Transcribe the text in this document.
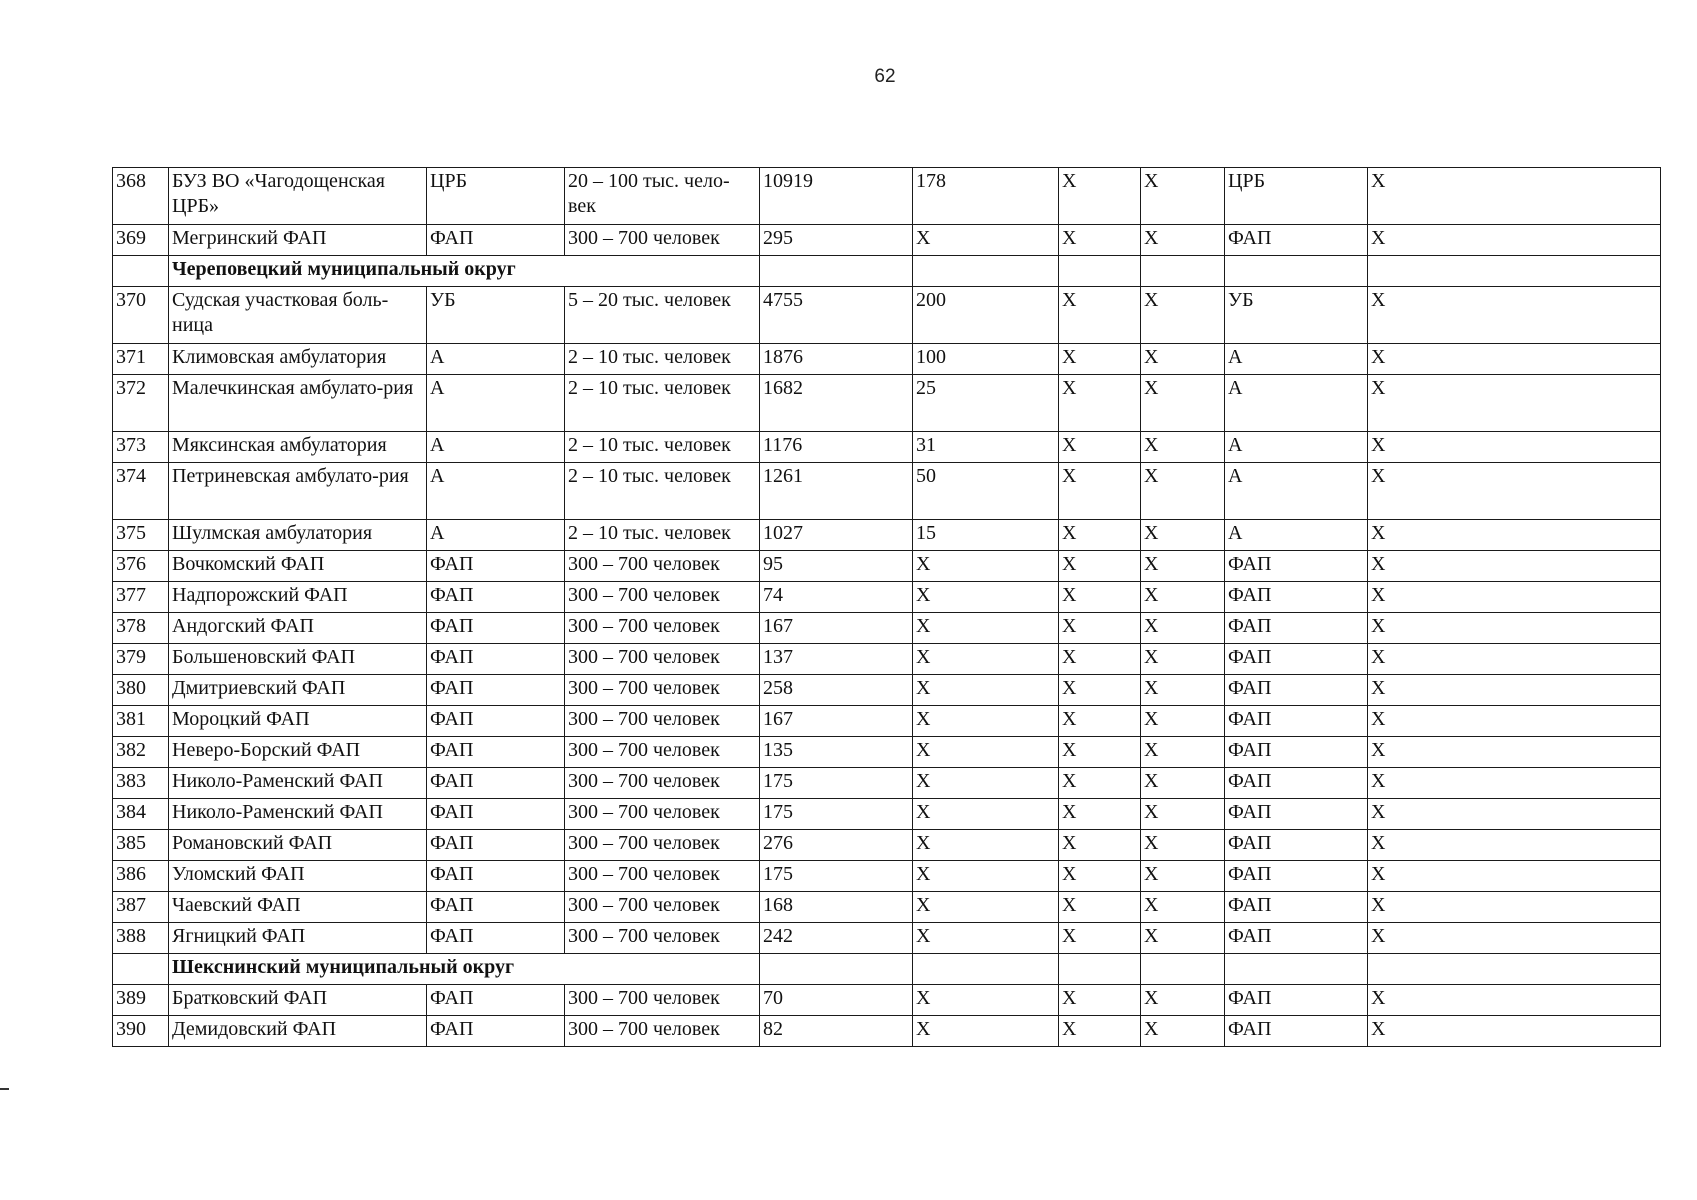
62
368	БУЗ ВО «Чагодощенская ЦРБ»	ЦРБ	20 – 100 тыс. чело-век	10919	178	Х	Х	ЦРБ	Х
369	Мегринский ФАП	ФАП	300 – 700 человек	295	Х	Х	Х	ФАП	Х
	Череповецкий муниципальный округ								
370	Судская участковая боль-ница	УБ	5 – 20 тыс. человек	4755	200	Х	Х	УБ	Х
371	Климовская амбулатория	А	2 – 10 тыс. человек	1876	100	Х	Х	А	Х
372	Малечкинская амбулато-рия	А	2 – 10 тыс. человек	1682	25	Х	Х	А	Х
373	Мяксинская амбулатория	А	2 – 10 тыс. человек	1176	31	Х	Х	А	Х
374	Петриневская амбулато-рия	А	2 – 10 тыс. человек	1261	50	Х	Х	А	Х
375	Шулмская амбулатория	А	2 – 10 тыс. человек	1027	15	Х	Х	А	Х
376	Вочкомский ФАП	ФАП	300 – 700 человек	95	Х	Х	Х	ФАП	Х
377	Надпорожский ФАП	ФАП	300 – 700 человек	74	Х	Х	Х	ФАП	Х
378	Андогский ФАП	ФАП	300 – 700 человек	167	Х	Х	Х	ФАП	Х
379	Большеновский ФАП	ФАП	300 – 700 человек	137	Х	Х	Х	ФАП	Х
380	Дмитриевский ФАП	ФАП	300 – 700 человек	258	Х	Х	Х	ФАП	Х
381	Мороцкий ФАП	ФАП	300 – 700 человек	167	Х	Х	Х	ФАП	Х
382	Неверо-Борский ФАП	ФАП	300 – 700 человек	135	Х	Х	Х	ФАП	Х
383	Николо-Раменский ФАП	ФАП	300 – 700 человек	175	Х	Х	Х	ФАП	Х
384	Николо-Раменский ФАП	ФАП	300 – 700 человек	175	Х	Х	Х	ФАП	Х
385	Романовский ФАП	ФАП	300 – 700 человек	276	Х	Х	Х	ФАП	Х
386	Уломский ФАП	ФАП	300 – 700 человек	175	Х	Х	Х	ФАП	Х
387	Чаевский ФАП	ФАП	300 – 700 человек	168	Х	Х	Х	ФАП	Х
388	Ягницкий ФАП	ФАП	300 – 700 человек	242	Х	Х	Х	ФАП	Х
	Шекснинский муниципальный округ								
389	Братковский ФАП	ФАП	300 – 700 человек	70	Х	Х	Х	ФАП	Х
390	Демидовский ФАП	ФАП	300 – 700 человек	82	Х	Х	Х	ФАП	Х
